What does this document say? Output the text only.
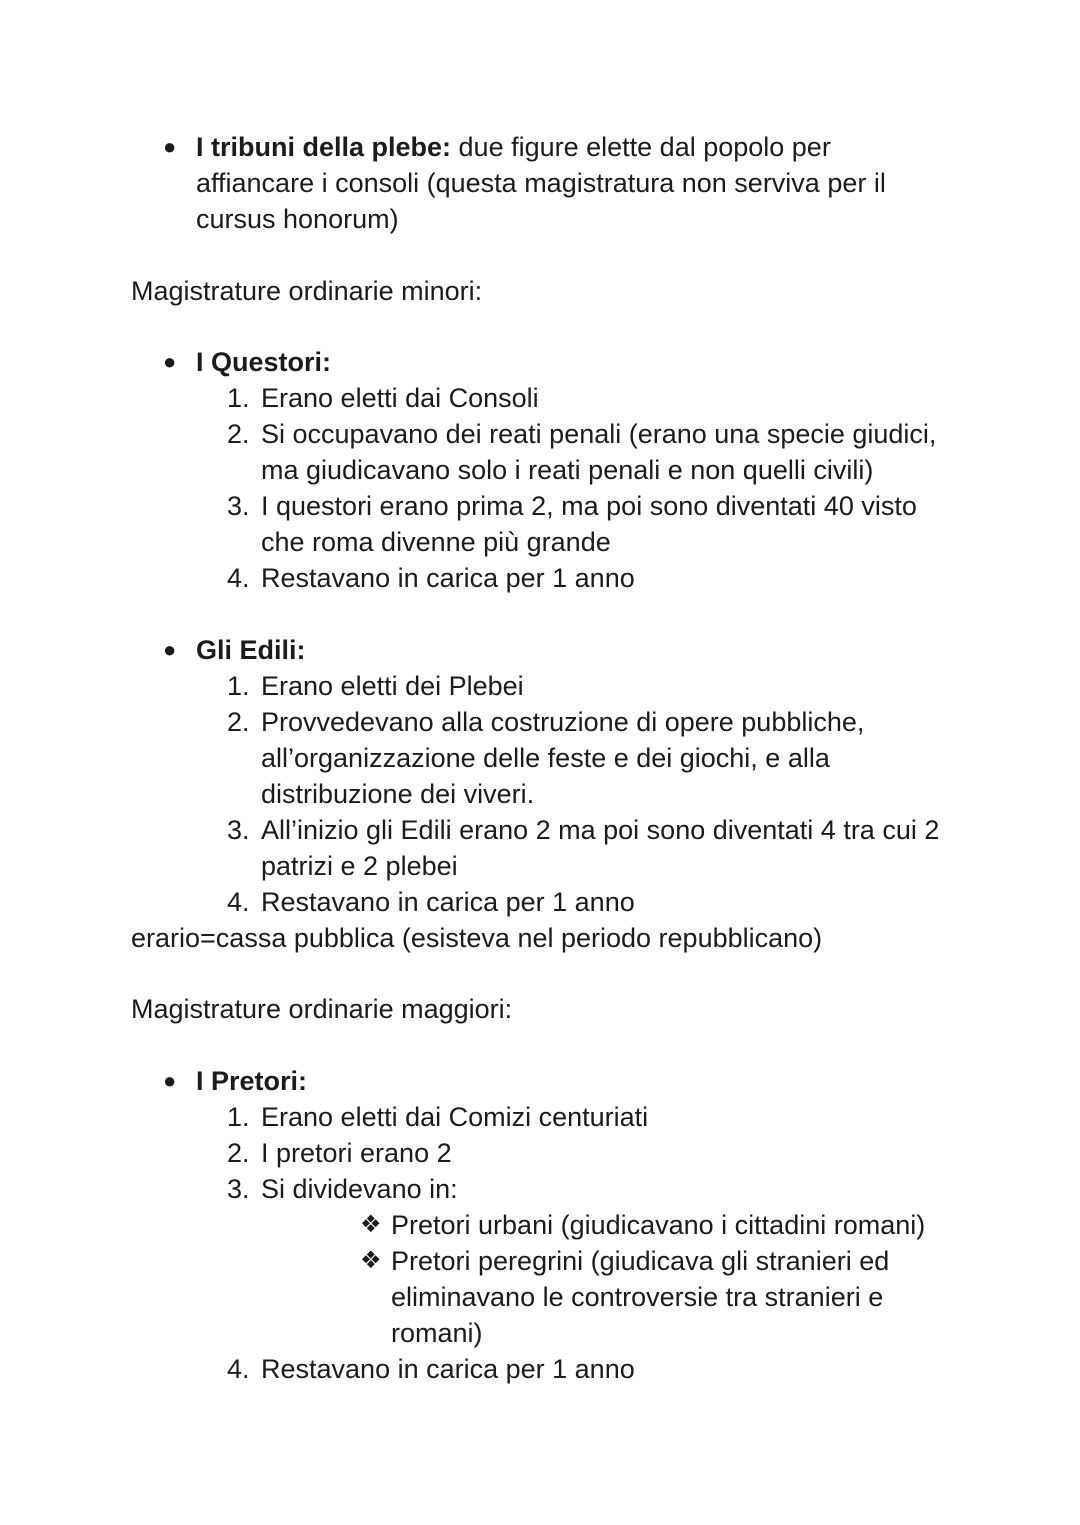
● I tribuni della plebe: due figure elette dal popolo per
affiancare i consoli (questa magistratura non serviva per il
cursus honorum)
Magistrature ordinarie minori:
● I Questori:
1. Erano eletti dai Consoli
2. Si occupavano dei reati penali (erano una specie giudici,
ma giudicavano solo i reati penali e non quelli civili)
3. I questori erano prima 2, ma poi sono diventati 40 visto
che roma divenne più grande
4. Restavano in carica per 1 anno
● Gli Edili:
1. Erano eletti dei Plebei
2. Provvedevano alla costruzione di opere pubbliche,
all’organizzazione delle feste e dei giochi, e alla
distribuzione dei viveri.
3. All’inizio gli Edili erano 2 ma poi sono diventati 4 tra cui 2
patrizi e 2 plebei
4. Restavano in carica per 1 anno
erario=cassa pubblica (esisteva nel periodo repubblicano)
Magistrature ordinarie maggiori:
● I Pretori:
1. Erano eletti dai Comizi centuriati
2. I pretori erano 2
3. Si dividevano in:
❖ Pretori urbani (giudicavano i cittadini romani)
❖ Pretori peregrini (giudicava gli stranieri ed
eliminavano le controversie tra stranieri e
romani)
4. Restavano in carica per 1 anno
